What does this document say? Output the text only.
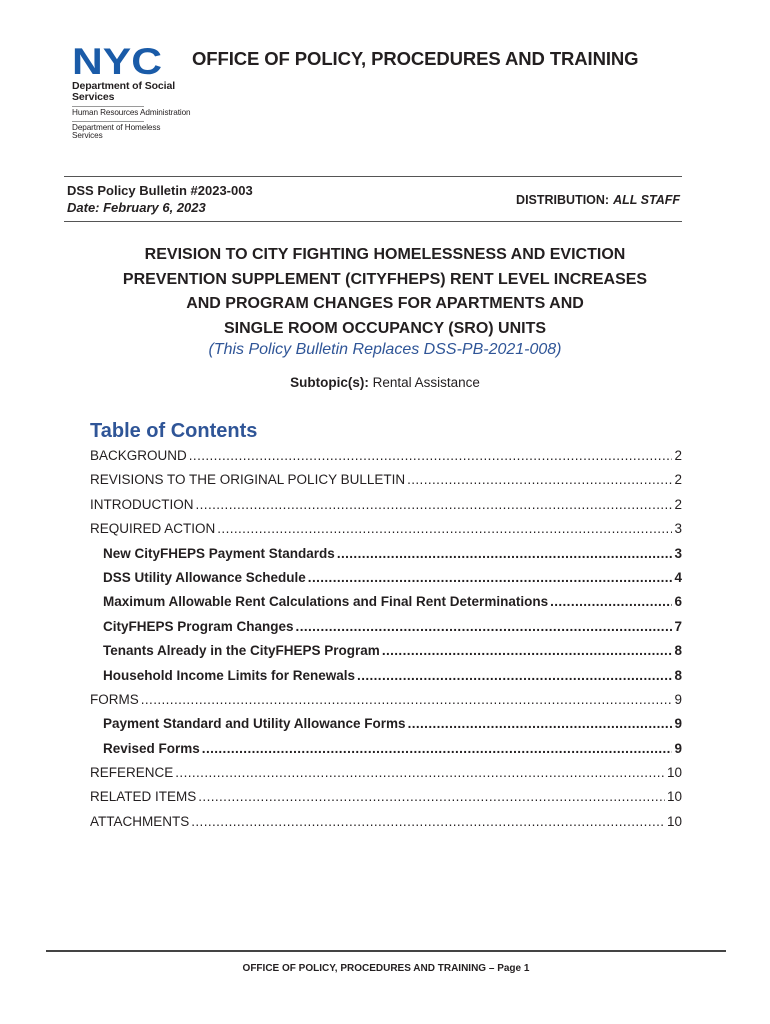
NYC
Department of Social Services
Human Resources Administration
Department of Homeless Services
OFFICE OF POLICY, PROCEDURES AND TRAINING
DSS Policy Bulletin #2023-003
Date: February 6, 2023	DISTRIBUTION: ALL STAFF
REVISION TO CITY FIGHTING HOMELESSNESS AND EVICTION
PREVENTION SUPPLEMENT (CITYFHEPS) RENT LEVEL INCREASES
AND PROGRAM CHANGES FOR APARTMENTS AND
SINGLE ROOM OCCUPANCY (SRO) UNITS
(This Policy Bulletin Replaces DSS-PB-2021-008)
Subtopic(s): Rental Assistance
Table of Contents
BACKGROUND .....	2
REVISIONS TO THE ORIGINAL POLICY BULLETIN .....	2
INTRODUCTION .....	2
REQUIRED ACTION .....	3
New CityFHEPS Payment Standards .....	3
DSS Utility Allowance Schedule .....	4
Maximum Allowable Rent Calculations and Final Rent Determinations .....	6
CityFHEPS Program Changes .....	7
Tenants Already in the CityFHEPS Program .....	8
Household Income Limits for Renewals .....	8
FORMS .....	9
Payment Standard and Utility Allowance Forms .....	9
Revised Forms .....	9
REFERENCE .....	10
RELATED ITEMS .....	10
ATTACHMENTS .....	10
OFFICE OF POLICY, PROCEDURES AND TRAINING – Page 1
